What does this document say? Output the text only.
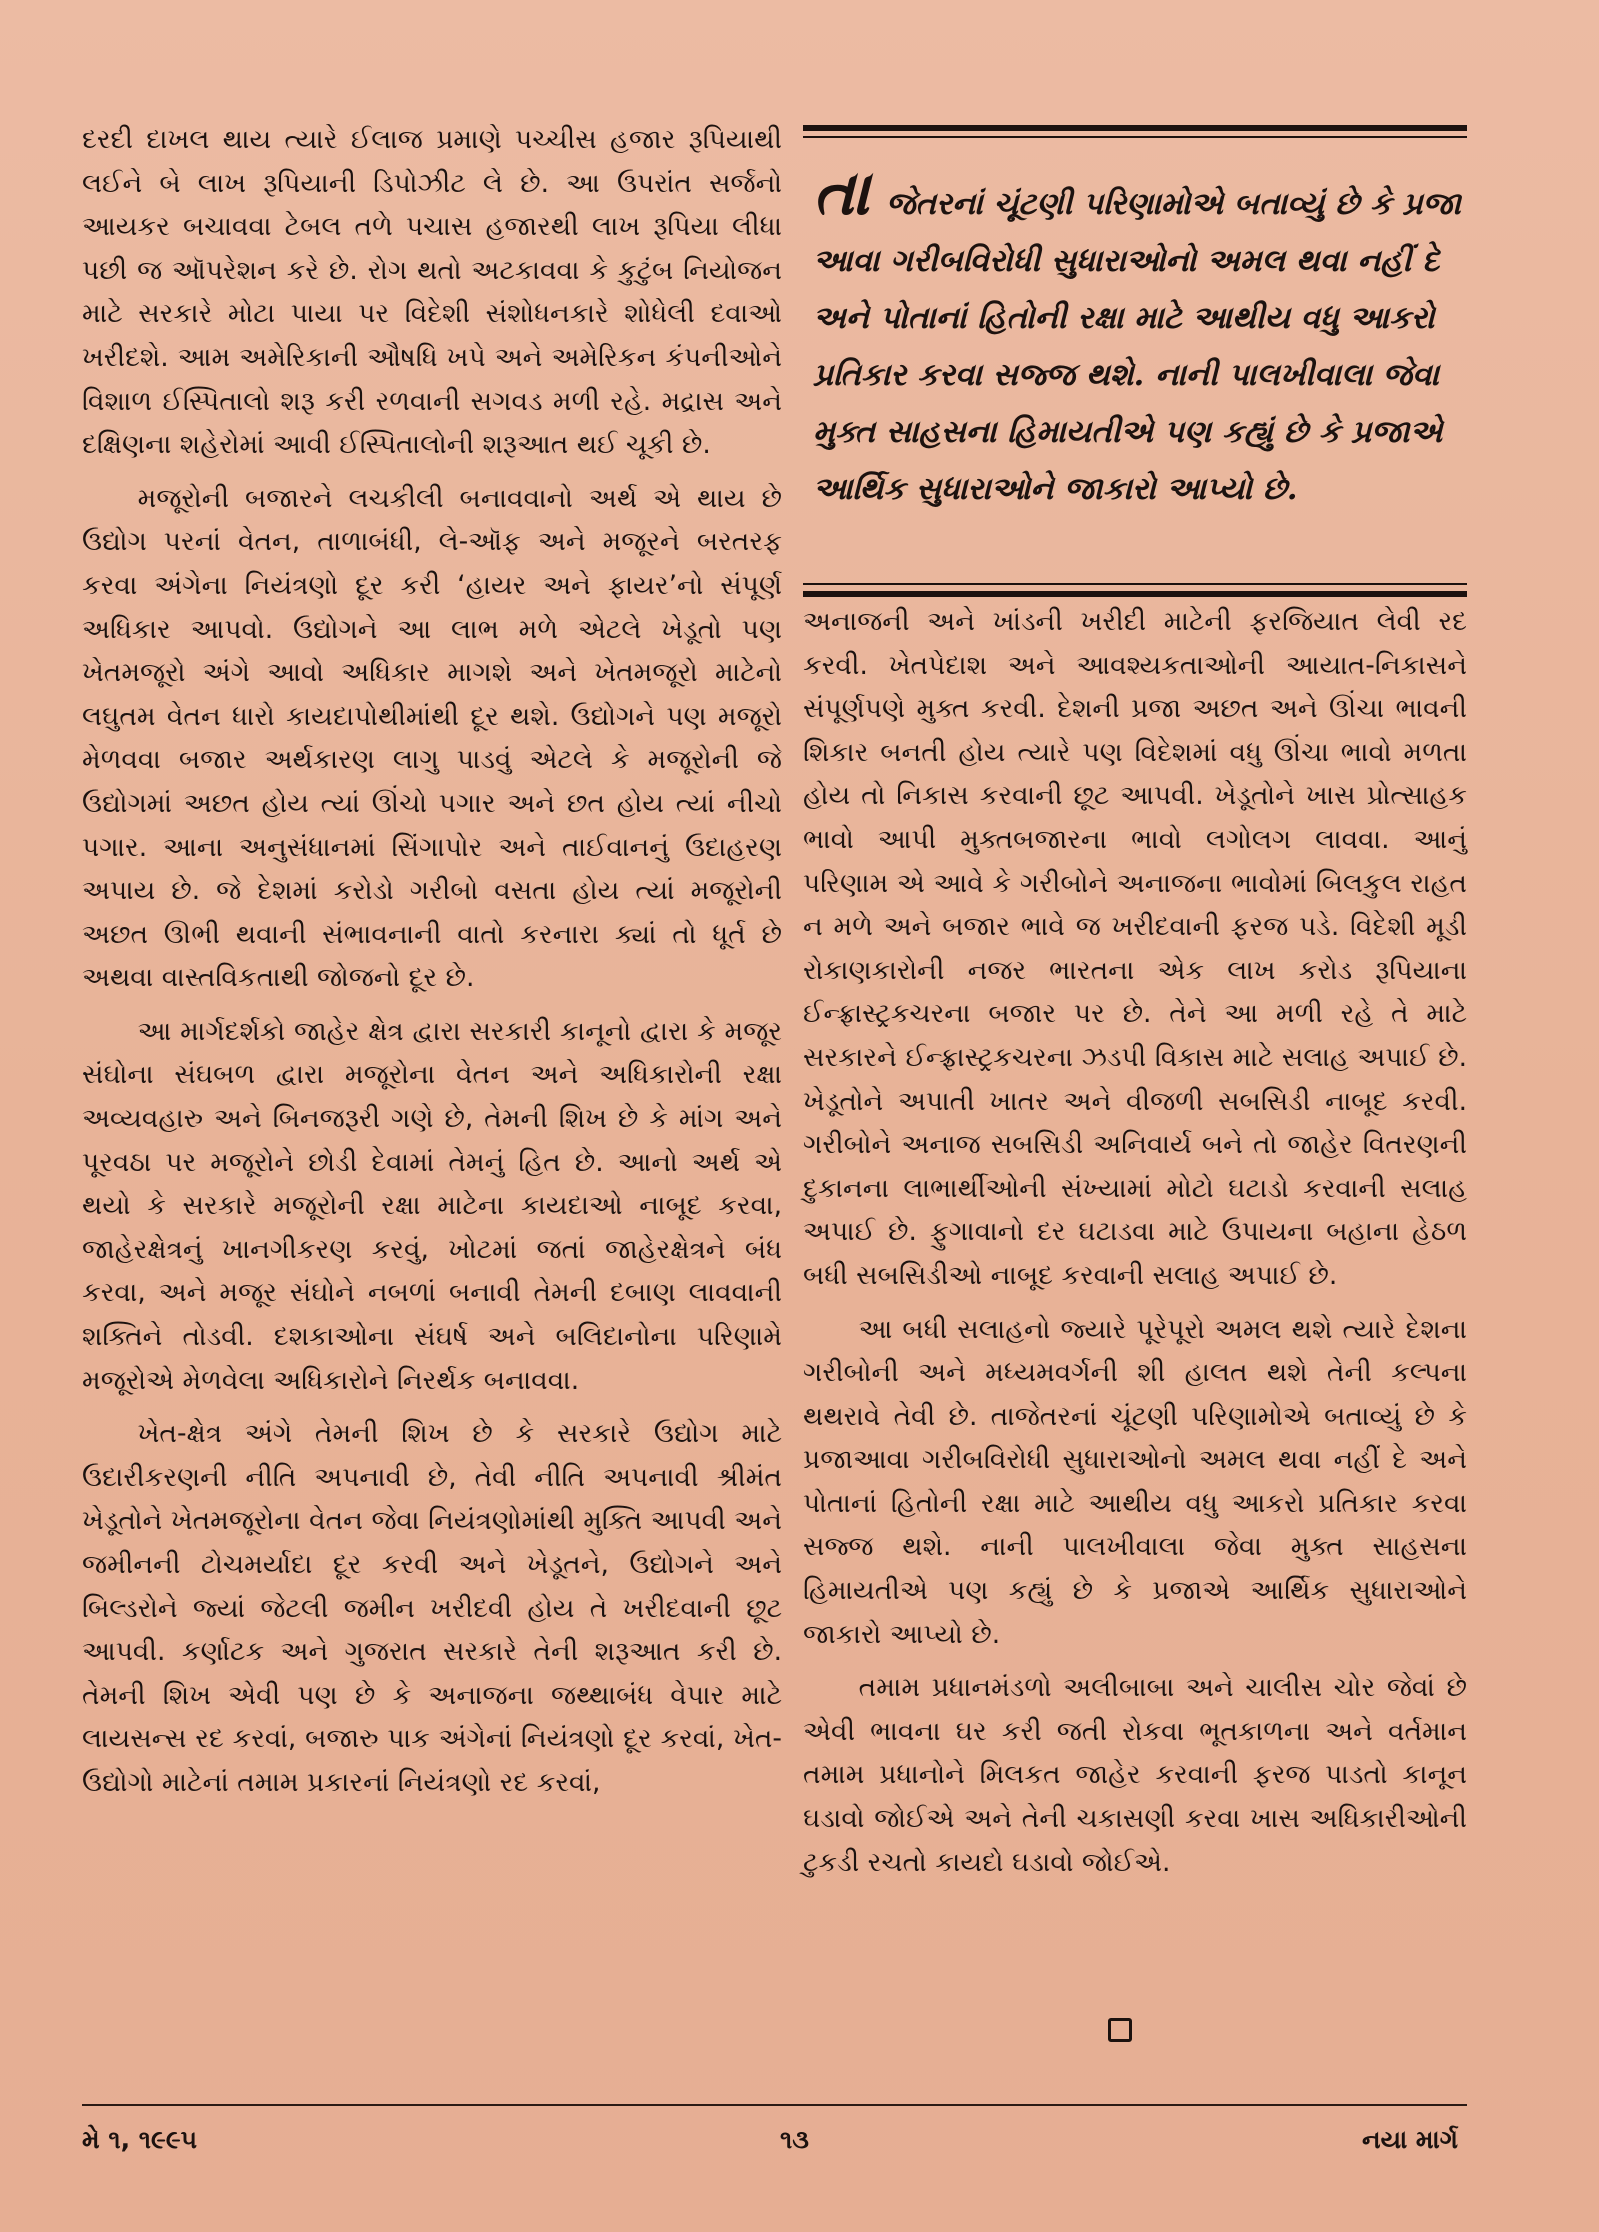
દરદી દાખલ થાય ત્યારે ઈલાજ પ્રમાણે પચ્ચીસ હજાર રૂપિયાથી લઈને બે લાખ રૂપિયાની ડિપોઝીટ લે છે. આ ઉપરાંત સર્જનો આયકર બચાવવા ટેબલ તળે પચાસ હજારથી લાખ રૂપિયા લીધા પછી જ ઑપરેશન કરે છે. રોગ થતો અટકાવવા કે કુટુંબ નિયોજન માટે સરકારે મોટા પાયા પર વિદેશી સંશોધનકારે શોધેલી દવાઓ ખરીદશે. આમ અમેરિકાની ઔષધિ ખપે અને અમેરિકન કંપનીઓને વિશાળ ઈસ્પિતાલો શરૂ કરી રળવાની સગવડ મળી રહે. મદ્રાસ અને દક્ષિણના શહેરોમાં આવી ઈસ્પિતાલોની શરૂઆત થઈ ચૂકી છે.

મજૂરોની બજારને લચકીલી બનાવવાનો અર્થ એ થાય છે ઉદ્યોગ પરનાં વેતન, તાળાબંધી, લે-ઑફ અને મજૂરને બરતરફ કરવા અંગેના નિયંત્રણો દૂર કરી ‘હાયર અને ફાયર’નો સંપૂર્ણ અધિકાર આપવો. ઉદ્યોગને આ લાભ મળે એટલે ખેડૂતો પણ ખેતમજૂરો અંગે આવો અધિકાર માગશે અને ખેતમજૂરો માટેનો લઘુતમ વેતન ધારો કાયદાપોથીમાંથી દૂર થશે. ઉદ્યોગને પણ મજૂરો મેળવવા બજાર અર્થકારણ લાગુ પાડવું એટલે કે મજૂરોની જે ઉદ્યોગમાં અછત હોય ત્યાં ઊંચો પગાર અને છત હોય ત્યાં નીચો પગાર. આના અનુસંધાનમાં સિંગાપોર અને તાઈવાનનું ઉદાહરણ અપાય છે. જે દેશમાં કરોડો ગરીબો વસતા હોય ત્યાં મજૂરોની અછત ઊભી થવાની સંભાવનાની વાતો કરનારા ક્યાં તો ધૂર્ત છે અથવા વાસ્તવિકતાથી જોજનો દૂર છે.

આ માર્ગદર્શકો જાહેર ક્ષેત્ર દ્વારા સરકારી કાનૂનો દ્વારા કે મજૂર સંઘોના સંઘબળ દ્વારા મજૂરોના વેતન અને અધિકારોની રક્ષા અવ્યવહારુ અને બિનજરૂરી ગણે છે, તેમની શિખ છે કે માંગ અને પૂરવઠા પર મજૂરોને છોડી દેવામાં તેમનું હિત છે. આનો અર્થ એ થયો કે સરકારે મજૂરોની રક્ષા માટેના કાયદાઓ નાબૂદ કરવા, જાહેરક્ષેત્રનું ખાનગીકરણ કરવું, ખોટમાં જતાં જાહેરક્ષેત્રને બંધ કરવા, અને મજૂર સંઘોને નબળાં બનાવી તેમની દબાણ લાવવાની શક્તિને તોડવી. દશકાઓના સંઘર્ષ અને બલિદાનોના પરિણામે મજૂરોએ મેળવેલા અધિકારોને નિરર્થક બનાવવા.

ખેત-ક્ષેત્ર અંગે તેમની શિખ છે કે સરકારે ઉદ્યોગ માટે ઉદારીકરણની નીતિ અપનાવી છે, તેવી નીતિ અપનાવી શ્રીમંત ખેડૂતોને ખેતમજૂરોના વેતન જેવા નિયંત્રણોમાંથી મુક્તિ આપવી અને જમીનની ટોચમર્યાદા દૂર કરવી અને ખેડૂતને, ઉદ્યોગને અને બિલ્ડરોને જ્યાં જેટલી જમીન ખરીદવી હોય તે ખરીદવાની છૂટ આપવી. કર્ણાટક અને ગુજરાત સરકારે તેની શરૂઆત કરી છે. તેમની શિખ એવી પણ છે કે અનાજના જથ્થાબંધ વેપાર માટે લાયસન્સ રદ કરવાં, બજારુ પાક અંગેનાં નિયંત્રણો દૂર કરવાં, ખેત-ઉદ્યોગો માટેનાં તમામ પ્રકારનાં નિયંત્રણો રદ કરવાં,

તા જેતરનાં ચૂંટણી પરિણામોએ બતાવ્યું છે કે પ્રજા આવા ગરીબવિરોધી સુધારાઓનો અમલ થવા નહીં દે અને પોતાનાં હિતોની રક્ષા માટે આથીય વધુ આકરો પ્રતિકાર કરવા સજ્જ થશે. નાની પાલખીવાલા જેવા મુક્ત સાહસના હિમાયતીએ પણ કહ્યું છે કે પ્રજાએ આર્થિક સુધારાઓને જાકારો આપ્યો છે.

અનાજની અને ખાંડની ખરીદી માટેની ફરજિયાત લેવી રદ કરવી. ખેતપેદાશ અને આવશ્યકતાઓની આયાત-નિકાસને સંપૂર્ણપણે મુક્ત કરવી. દેશની પ્રજા અછત અને ઊંચા ભાવની શિકાર બનતી હોય ત્યારે પણ વિદેશમાં વધુ ઊંચા ભાવો મળતા હોય તો નિકાસ કરવાની છૂટ આપવી. ખેડૂતોને ખાસ પ્રોત્સાહક ભાવો આપી મુક્તબજારના ભાવો લગોલગ લાવવા. આનું પરિણામ એ આવે કે ગરીબોને અનાજના ભાવોમાં બિલકુલ રાહત ન મળે અને બજાર ભાવે જ ખરીદવાની ફરજ પડે. વિદેશી મૂડી રોકાણકારોની નજર ભારતના એક લાખ કરોડ રૂપિયાના ઈન્ફ્રાસ્ટ્રકચરના બજાર પર છે. તેને આ મળી રહે તે માટે સરકારને ઈન્ફ્રાસ્ટ્રકચરના ઝડપી વિકાસ માટે સલાહ અપાઈ છે. ખેડૂતોને અપાતી ખાતર અને વીજળી સબસિડી નાબૂદ કરવી. ગરીબોને અનાજ સબસિડી અનિવાર્ય બને તો જાહેર વિતરણની દુકાનના લાભાર્થીઓની સંખ્યામાં મોટો ઘટાડો કરવાની સલાહ અપાઈ છે. ફુગાવાનો દર ઘટાડવા માટે ઉપાયના બહાના હેઠળ બધી સબસિડીઓ નાબૂદ કરવાની સલાહ અપાઈ છે.

આ બધી સલાહનો જ્યારે પૂરેપૂરો અમલ થશે ત્યારે દેશના ગરીબોની અને મધ્યમવર્ગની શી હાલત થશે તેની કલ્પના થથરાવે તેવી છે. તાજેતરનાં ચૂંટણી પરિણામોએ બતાવ્યું છે કે પ્રજાઆવા ગરીબવિરોધી સુધારાઓનો અમલ થવા નહીં દે અને પોતાનાં હિતોની રક્ષા માટે આથીય વધુ આકરો પ્રતિકાર કરવા સજ્જ થશે. નાની પાલખીવાલા જેવા મુક્ત સાહસના હિમાયતીએ પણ કહ્યું છે કે પ્રજાએ આર્થિક સુધારાઓને જાકારો આપ્યો છે.

તમામ પ્રધાનમંડળો અલીબાબા અને ચાલીસ ચોર જેવાં છે એવી ભાવના ઘર કરી જતી રોકવા ભૂતકાળના અને વર્તમાન તમામ પ્રધાનોને મિલકત જાહેર કરવાની ફરજ પાડતો કાનૂન ઘડાવો જોઈએ અને તેની ચકાસણી કરવા ખાસ અધિકારીઓની ટુકડી રચતો કાયદો ઘડાવો જોઈએ.

મે ૧, ૧૯૯૫	૧૩	નયા માર્ગ
